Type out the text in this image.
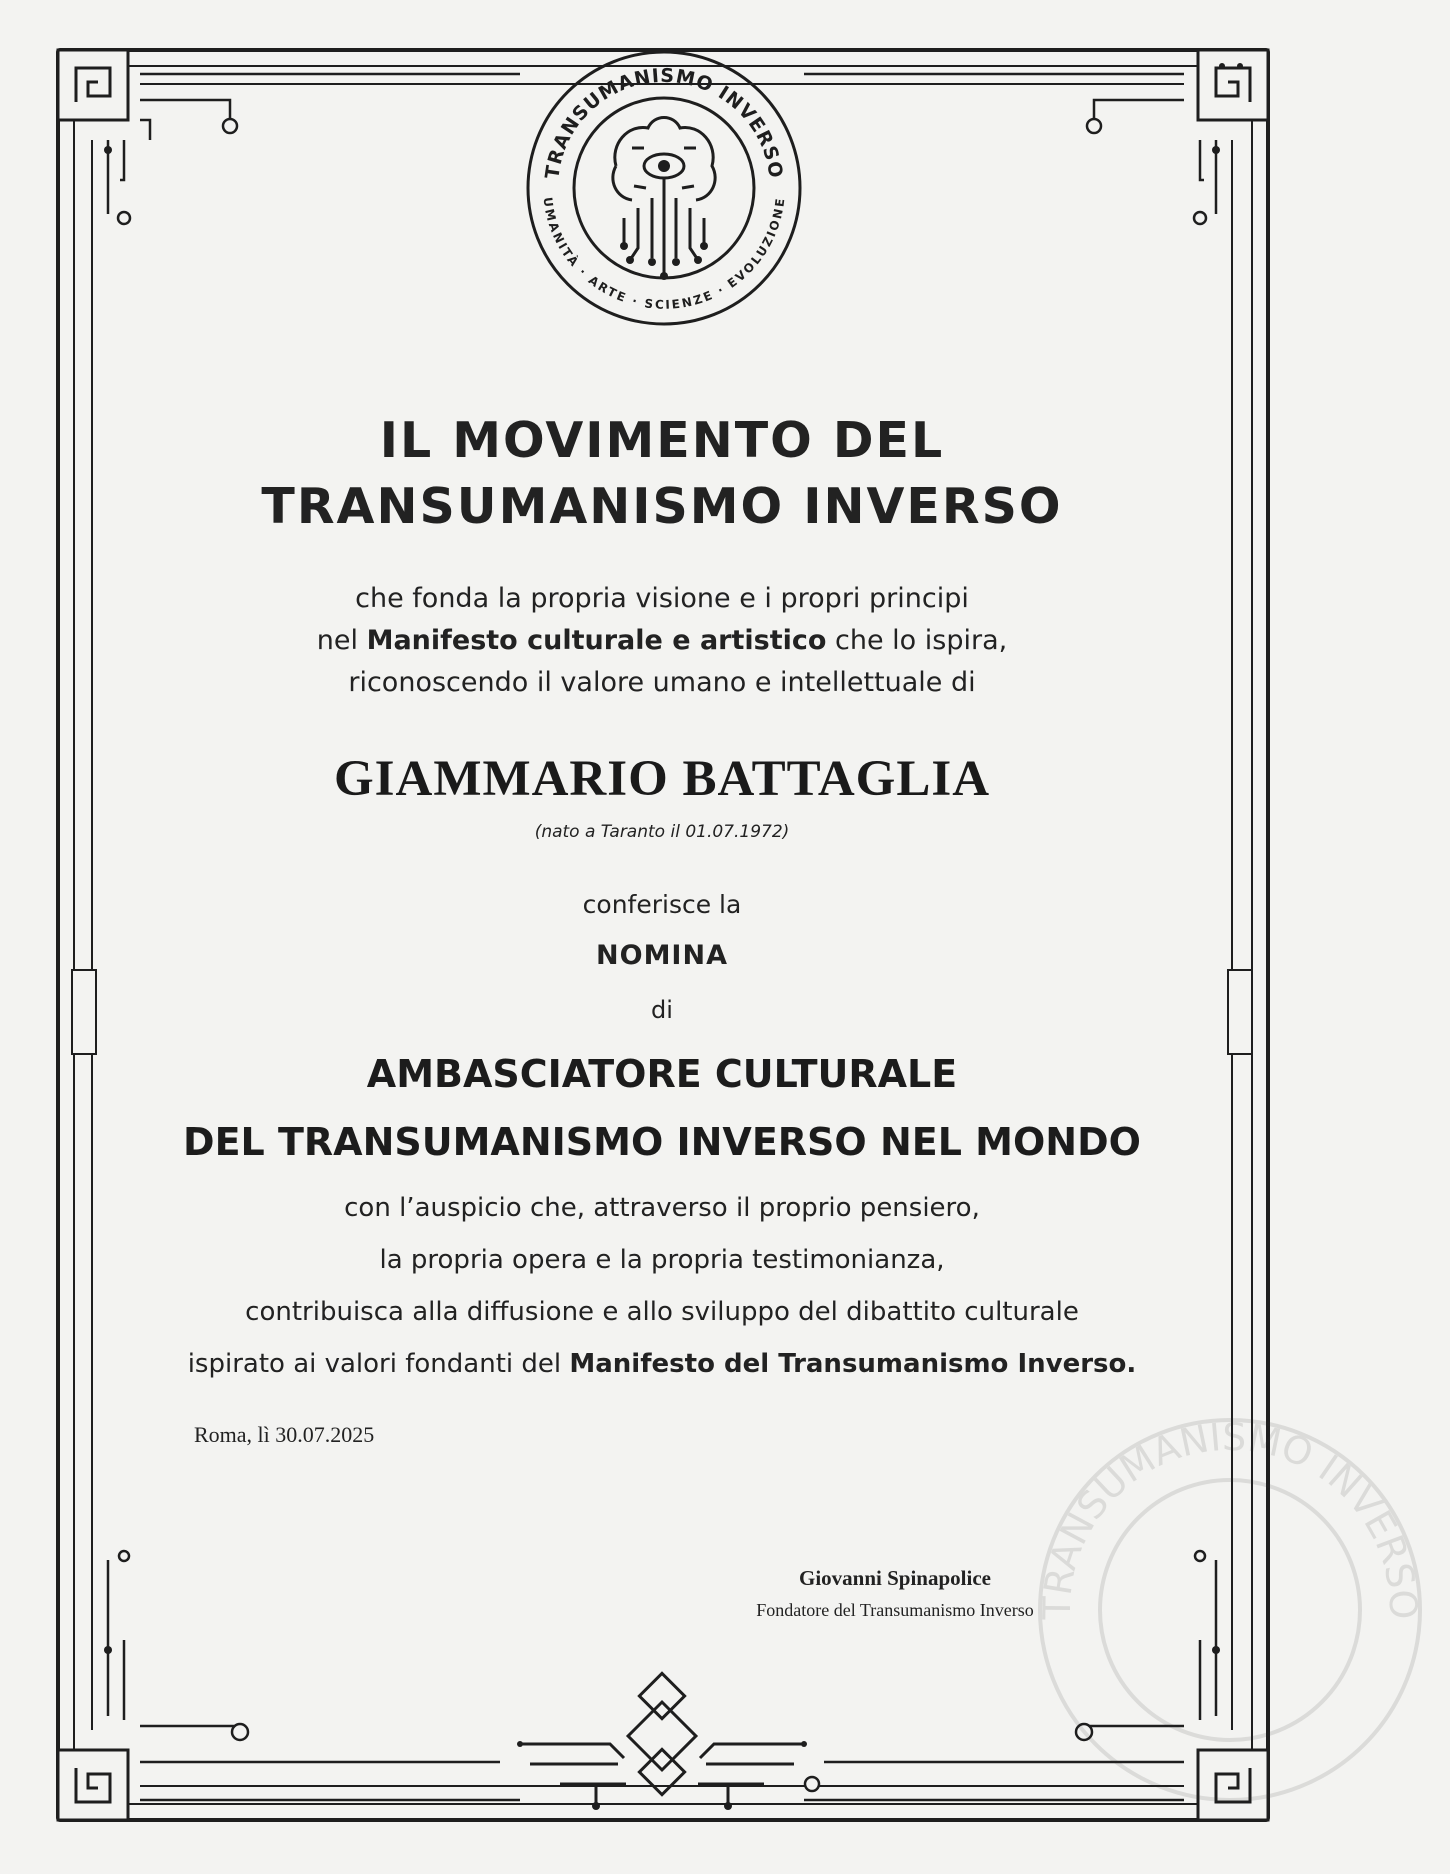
TRANSUMANISMO INVERSO
UMANITÀ · ARTE · SCIENZE · EVOLUZIONE
TRANSUMANISMO INVERSO
IL MOVIMENTO DEL
TRANSUMANISMO INVERSO
che fonda la propria visione e i propri principi
nel Manifesto culturale e artistico che lo ispira,
riconoscendo il valore umano e intellettuale di
GIAMMARIO BATTAGLIA
(nato a Taranto il 01.07.1972)
conferisce la
NOMINA
di
AMBASCIATORE CULTURALE
DEL TRANSUMANISMO INVERSO NEL MONDO
con l’auspicio che, attraverso il proprio pensiero,
la propria opera e la propria testimonianza,
contribuisca alla diffusione e allo sviluppo del dibattito culturale
ispirato ai valori fondanti del Manifesto del Transumanismo Inverso.
Roma, lì 30.07.2025
Giovanni Spinapolice
Fondatore del Transumanismo Inverso
